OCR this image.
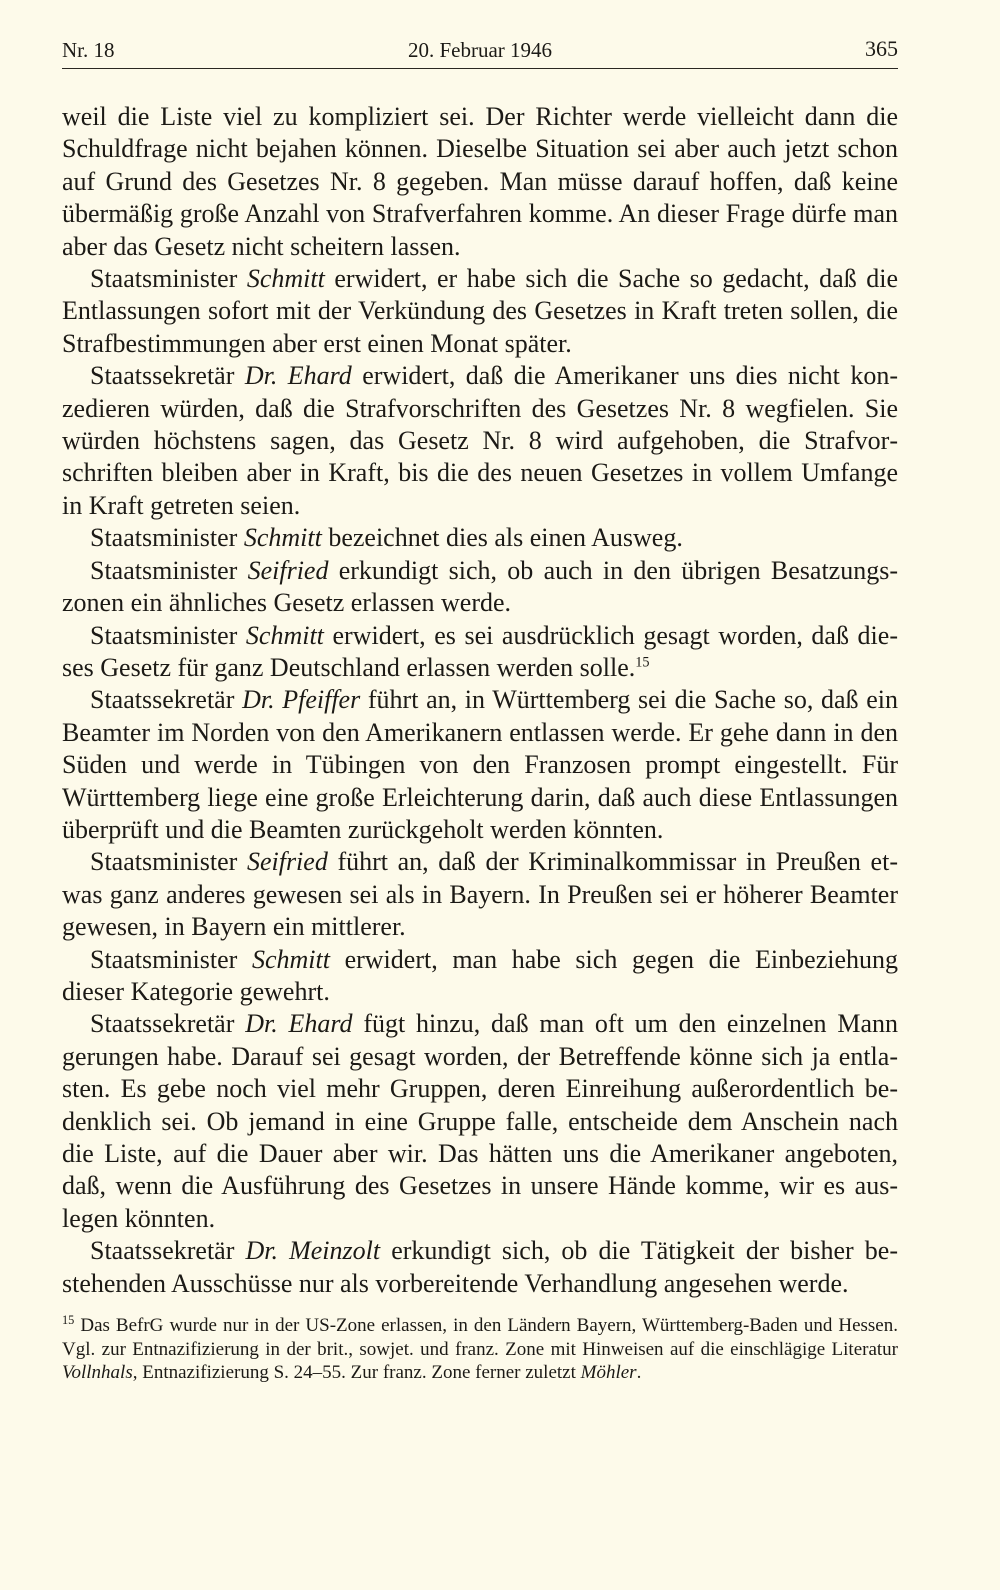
Nr. 18	20. Februar 1946	365

weil die Liste viel zu kompliziert sei. Der Richter werde vielleicht dann die Schuldfrage nicht bejahen können. Dieselbe Situation sei aber auch jetzt schon auf Grund des Gesetzes Nr. 8 gegeben. Man müsse darauf hoffen, daß keine übermäßig große Anzahl von Strafverfahren komme. An dieser Frage dürfe man aber das Gesetz nicht scheitern lassen.

Staatsminister Schmitt erwidert, er habe sich die Sache so gedacht, daß die Entlassungen sofort mit der Verkündung des Gesetzes in Kraft treten sollen, die Strafbestimmungen aber erst einen Monat später.

Staatssekretär Dr. Ehard erwidert, daß die Amerikaner uns dies nicht konzedieren würden, daß die Strafvorschriften des Gesetzes Nr. 8 wegfielen. Sie würden höchstens sagen, das Gesetz Nr. 8 wird aufgehoben, die Strafvorschriften bleiben aber in Kraft, bis die des neuen Gesetzes in vollem Umfange in Kraft getreten seien.

Staatsminister Schmitt bezeichnet dies als einen Ausweg.

Staatsminister Seifried erkundigt sich, ob auch in den übrigen Besatzungszonen ein ähnliches Gesetz erlassen werde.

Staatsminister Schmitt erwidert, es sei ausdrücklich gesagt worden, daß dieses Gesetz für ganz Deutschland erlassen werden solle.$^{15}$

Staatssekretär Dr. Pfeiffer führt an, in Württemberg sei die Sache so, daß ein Beamter im Norden von den Amerikanern entlassen werde. Er gehe dann in den Süden und werde in Tübingen von den Franzosen prompt eingestellt. Für Württemberg liege eine große Erleichterung darin, daß auch diese Entlassungen überprüft und die Beamten zurückgeholt werden könnten.

Staatsminister Seifried führt an, daß der Kriminalkommissar in Preußen etwas ganz anderes gewesen sei als in Bayern. In Preußen sei er höherer Beamter gewesen, in Bayern ein mittlerer.

Staatsminister Schmitt erwidert, man habe sich gegen die Einbeziehung dieser Kategorie gewehrt.

Staatssekretär Dr. Ehard fügt hinzu, daß man oft um den einzelnen Mann gerungen habe. Darauf sei gesagt worden, der Betreffende könne sich ja entlasten. Es gebe noch viel mehr Gruppen, deren Einreihung außerordentlich bedenklich sei. Ob jemand in eine Gruppe falle, entscheide dem Anschein nach die Liste, auf die Dauer aber wir. Das hätten uns die Amerikaner angeboten, daß, wenn die Ausführung des Gesetzes in unsere Hände komme, wir es auslegen könnten.

Staatssekretär Dr. Meinzolt erkundigt sich, ob die Tätigkeit der bisher bestehenden Ausschüsse nur als vorbereitende Verhandlung angesehen werde.

$^{15}$ Das BefrG wurde nur in der US-Zone erlassen, in den Ländern Bayern, Württemberg-Baden und Hessen. Vgl. zur Entnazifizierung in der brit., sowjet. und franz. Zone mit Hinweisen auf die einschlägige Literatur Vollnhals, Entnazifizierung S. 24–55. Zur franz. Zone ferner zuletzt Möhler.
